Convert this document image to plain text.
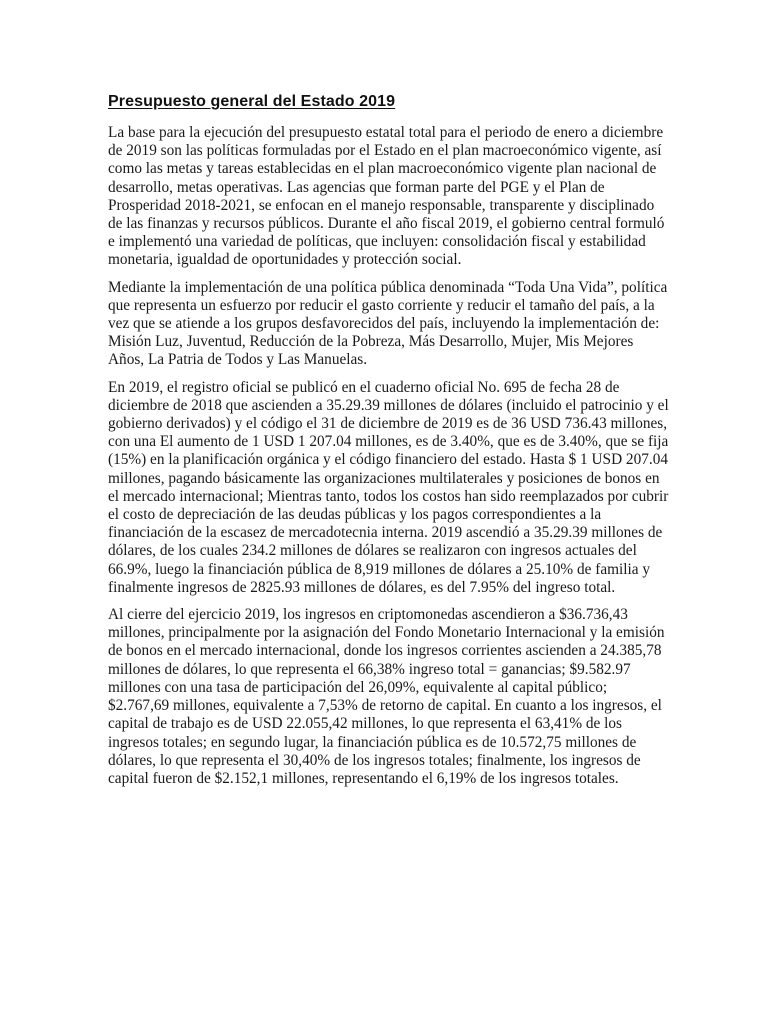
Presupuesto general del Estado 2019
La base para la ejecución del presupuesto estatal total para el periodo de enero a diciembre
de 2019 son las políticas formuladas por el Estado en el plan macroeconómico vigente, así
como las metas y tareas establecidas en el plan macroeconómico vigente plan nacional de
desarrollo, metas operativas. Las agencias que forman parte del PGE y el Plan de
Prosperidad 2018-2021, se enfocan en el manejo responsable, transparente y disciplinado
de las finanzas y recursos públicos. Durante el año fiscal 2019, el gobierno central formuló
e implementó una variedad de políticas, que incluyen: consolidación fiscal y estabilidad
monetaria, igualdad de oportunidades y protección social.
Mediante la implementación de una política pública denominada “Toda Una Vida”, política
que representa un esfuerzo por reducir el gasto corriente y reducir el tamaño del país, a la
vez que se atiende a los grupos desfavorecidos del país, incluyendo la implementación de:
Misión Luz, Juventud, Reducción de la Pobreza, Más Desarrollo, Mujer, Mis Mejores
Años, La Patria de Todos y Las Manuelas.
En 2019, el registro oficial se publicó en el cuaderno oficial No. 695 de fecha 28 de
diciembre de 2018 que ascienden a 35.29.39 millones de dólares (incluido el patrocinio y el
gobierno derivados) y el código el 31 de diciembre de 2019 es de 36 USD 736.43 millones,
con una El aumento de 1 USD 1 207.04 millones, es de 3.40%, que es de 3.40%, que se fija
(15%) en la planificación orgánica y el código financiero del estado. Hasta $ 1 USD 207.04
millones, pagando básicamente las organizaciones multilaterales y posiciones de bonos en
el mercado internacional; Mientras tanto, todos los costos han sido reemplazados por cubrir
el costo de depreciación de las deudas públicas y los pagos correspondientes a la
financiación de la escasez de mercadotecnia interna. 2019 ascendió a 35.29.39 millones de
dólares, de los cuales 234.2 millones de dólares se realizaron con ingresos actuales del
66.9%, luego la financiación pública de 8,919 millones de dólares a 25.10% de familia y
finalmente ingresos de 2825.93 millones de dólares, es del 7.95% del ingreso total.
Al cierre del ejercicio 2019, los ingresos en criptomonedas ascendieron a $36.736,43
millones, principalmente por la asignación del Fondo Monetario Internacional y la emisión
de bonos en el mercado internacional, donde los ingresos corrientes ascienden a 24.385,78
millones de dólares, lo que representa el 66,38% ingreso total = ganancias; $9.582.97
millones con una tasa de participación del 26,09%, equivalente al capital público;
$2.767,69 millones, equivalente a 7,53% de retorno de capital. En cuanto a los ingresos, el
capital de trabajo es de USD 22.055,42 millones, lo que representa el 63,41% de los
ingresos totales; en segundo lugar, la financiación pública es de 10.572,75 millones de
dólares, lo que representa el 30,40% de los ingresos totales; finalmente, los ingresos de
capital fueron de $2.152,1 millones, representando el 6,19% de los ingresos totales.
